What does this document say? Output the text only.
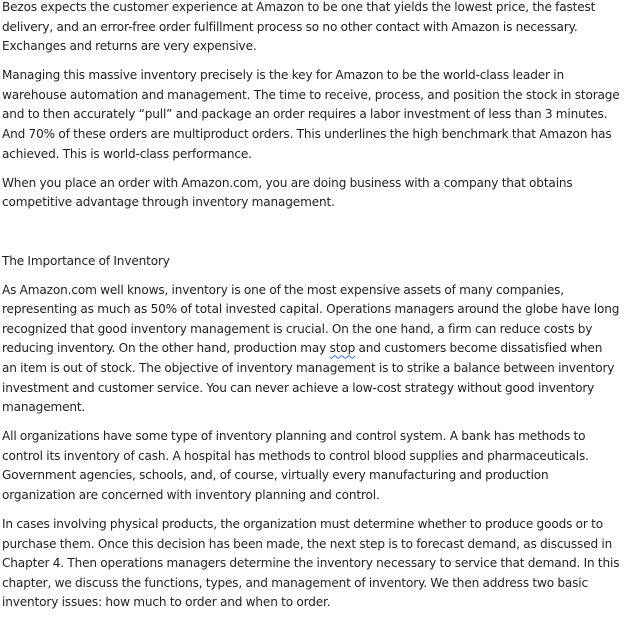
Bezos expects the customer experience at Amazon to be one that yields the lowest price, the fastest
delivery, and an error-free order fulfillment process so no other contact with Amazon is necessary.
Exchanges and returns are very expensive.

Managing this massive inventory precisely is the key for Amazon to be the world-class leader in
warehouse automation and management. The time to receive, process, and position the stock in storage
and to then accurately “pull” and package an order requires a labor investment of less than 3 minutes.
And 70% of these orders are multiproduct orders. This underlines the high benchmark that Amazon has
achieved. This is world-class performance.

When you place an order with Amazon.com, you are doing business with a company that obtains
competitive advantage through inventory management.

The Importance of Inventory

As Amazon.com well knows, inventory is one of the most expensive assets of many companies,
representing as much as 50% of total invested capital. Operations managers around the globe have long
recognized that good inventory management is crucial. On the one hand, a firm can reduce costs by
reducing inventory. On the other hand, production may stop and customers become dissatisfied when
an item is out of stock. The objective of inventory management is to strike a balance between inventory
investment and customer service. You can never achieve a low-cost strategy without good inventory
management.

All organizations have some type of inventory planning and control system. A bank has methods to
control its inventory of cash. A hospital has methods to control blood supplies and pharmaceuticals.
Government agencies, schools, and, of course, virtually every manufacturing and production
organization are concerned with inventory planning and control.

In cases involving physical products, the organization must determine whether to produce goods or to
purchase them. Once this decision has been made, the next step is to forecast demand, as discussed in
Chapter 4. Then operations managers determine the inventory necessary to service that demand. In this
chapter, we discuss the functions, types, and management of inventory. We then address two basic
inventory issues: how much to order and when to order.
